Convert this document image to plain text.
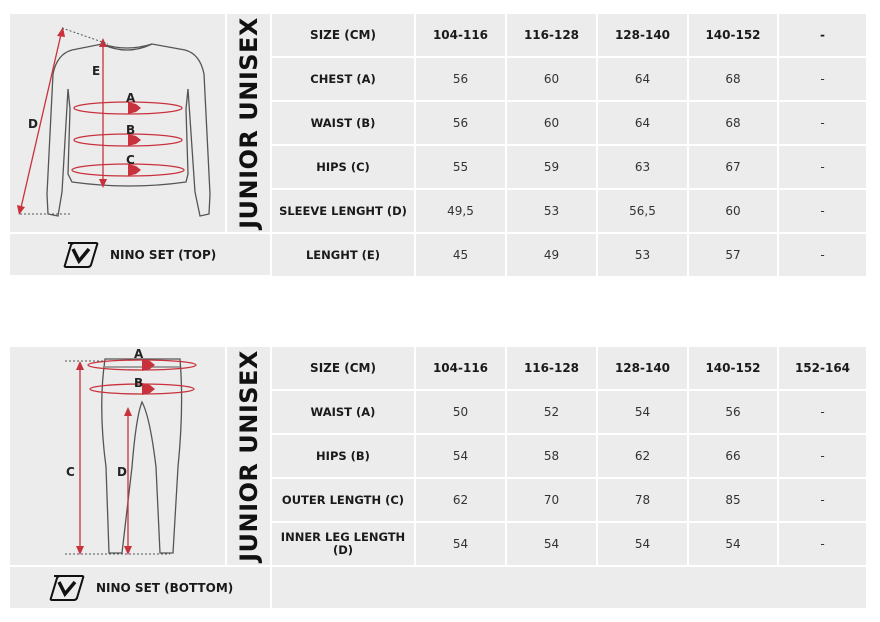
E
A
B
C
D	JUNIOR UNISEX
NINO SET (TOP)
SIZE (CM)	104-116	116-128	128-140	140-152	-
CHEST (A)	56	60	64	68	-
WAIST (B)	56	60	64	68	-
HIPS (C)	55	59	63	67	-
SLEEVE LENGHT (D)	49,5	53	56,5	60	-
LENGHT (E)	45	49	53	57	-
A
B
C	D	JUNIOR UNISEX
NINO SET (BOTTOM)
SIZE (CM)	104-116	116-128	128-140	140-152	152-164
WAIST (A)	50	52	54	56	-
HIPS (B)	54	58	62	66	-
OUTER LENGTH (C)	62	70	78	85	-
INNER LEG LENGTH (D)	54	54	54	54	-
